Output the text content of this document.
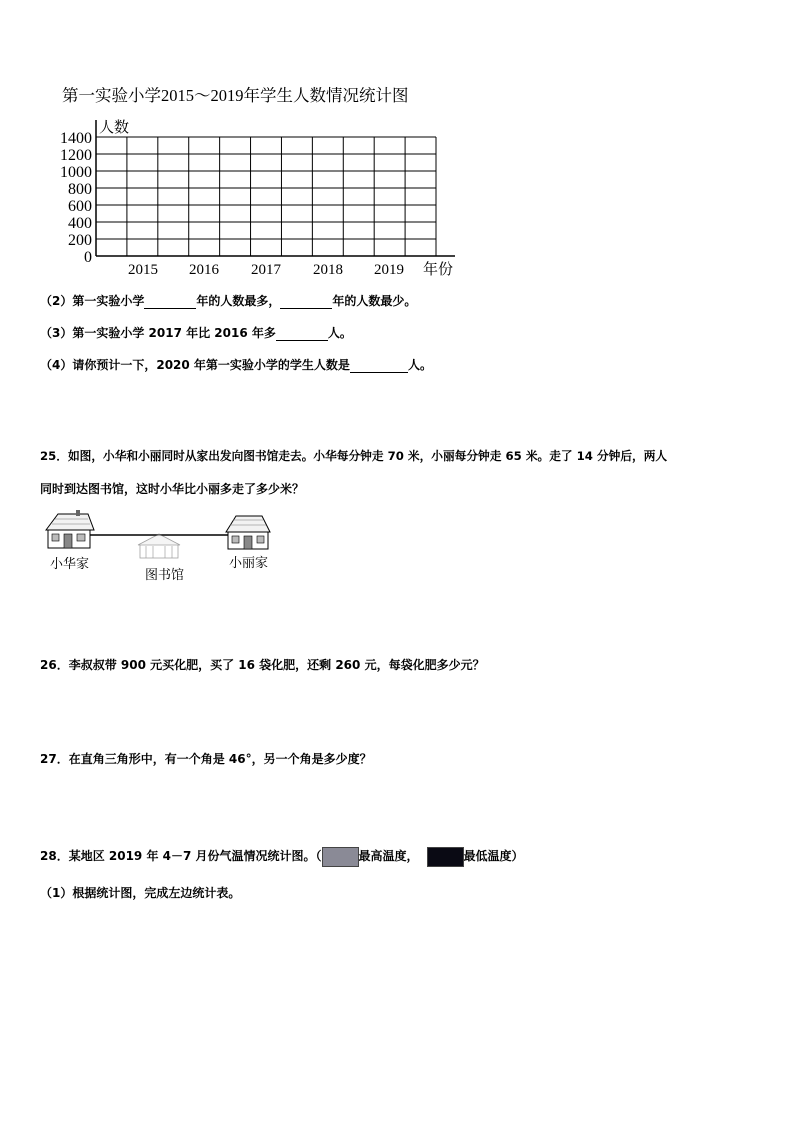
第一实验小学2015～2019年学生人数情况统计图
0
200
400
600
800
1000
1200
1400
人数
2015 2016 2017 2018 2019 年份
（2）第一实验小学	年的人数最多，	年的人数最少。
（3）第一实验小学 2017 年比 2016 年多	人。
（4）请你预计一下，2020 年第一实验小学的学生人数是	人。
25．如图，小华和小丽同时从家出发向图书馆走去。小华每分钟走 70 米，小丽每分钟走 65 米。走了 14 分钟后，两人
同时到达图书馆，这时小华比小丽多走了多少米？
小华家
图书馆
小丽家
26．李叔叔带 900 元买化肥，买了 16 袋化肥，还剩 260 元，每袋化肥多少元？
27．在直角三角形中，有一个角是 46°，另一个角是多少度？
28．某地区 2019 年 4－7 月份气温情况统计图。（	最高温度，	最低温度）
（1）根据统计图，完成左边统计表。
